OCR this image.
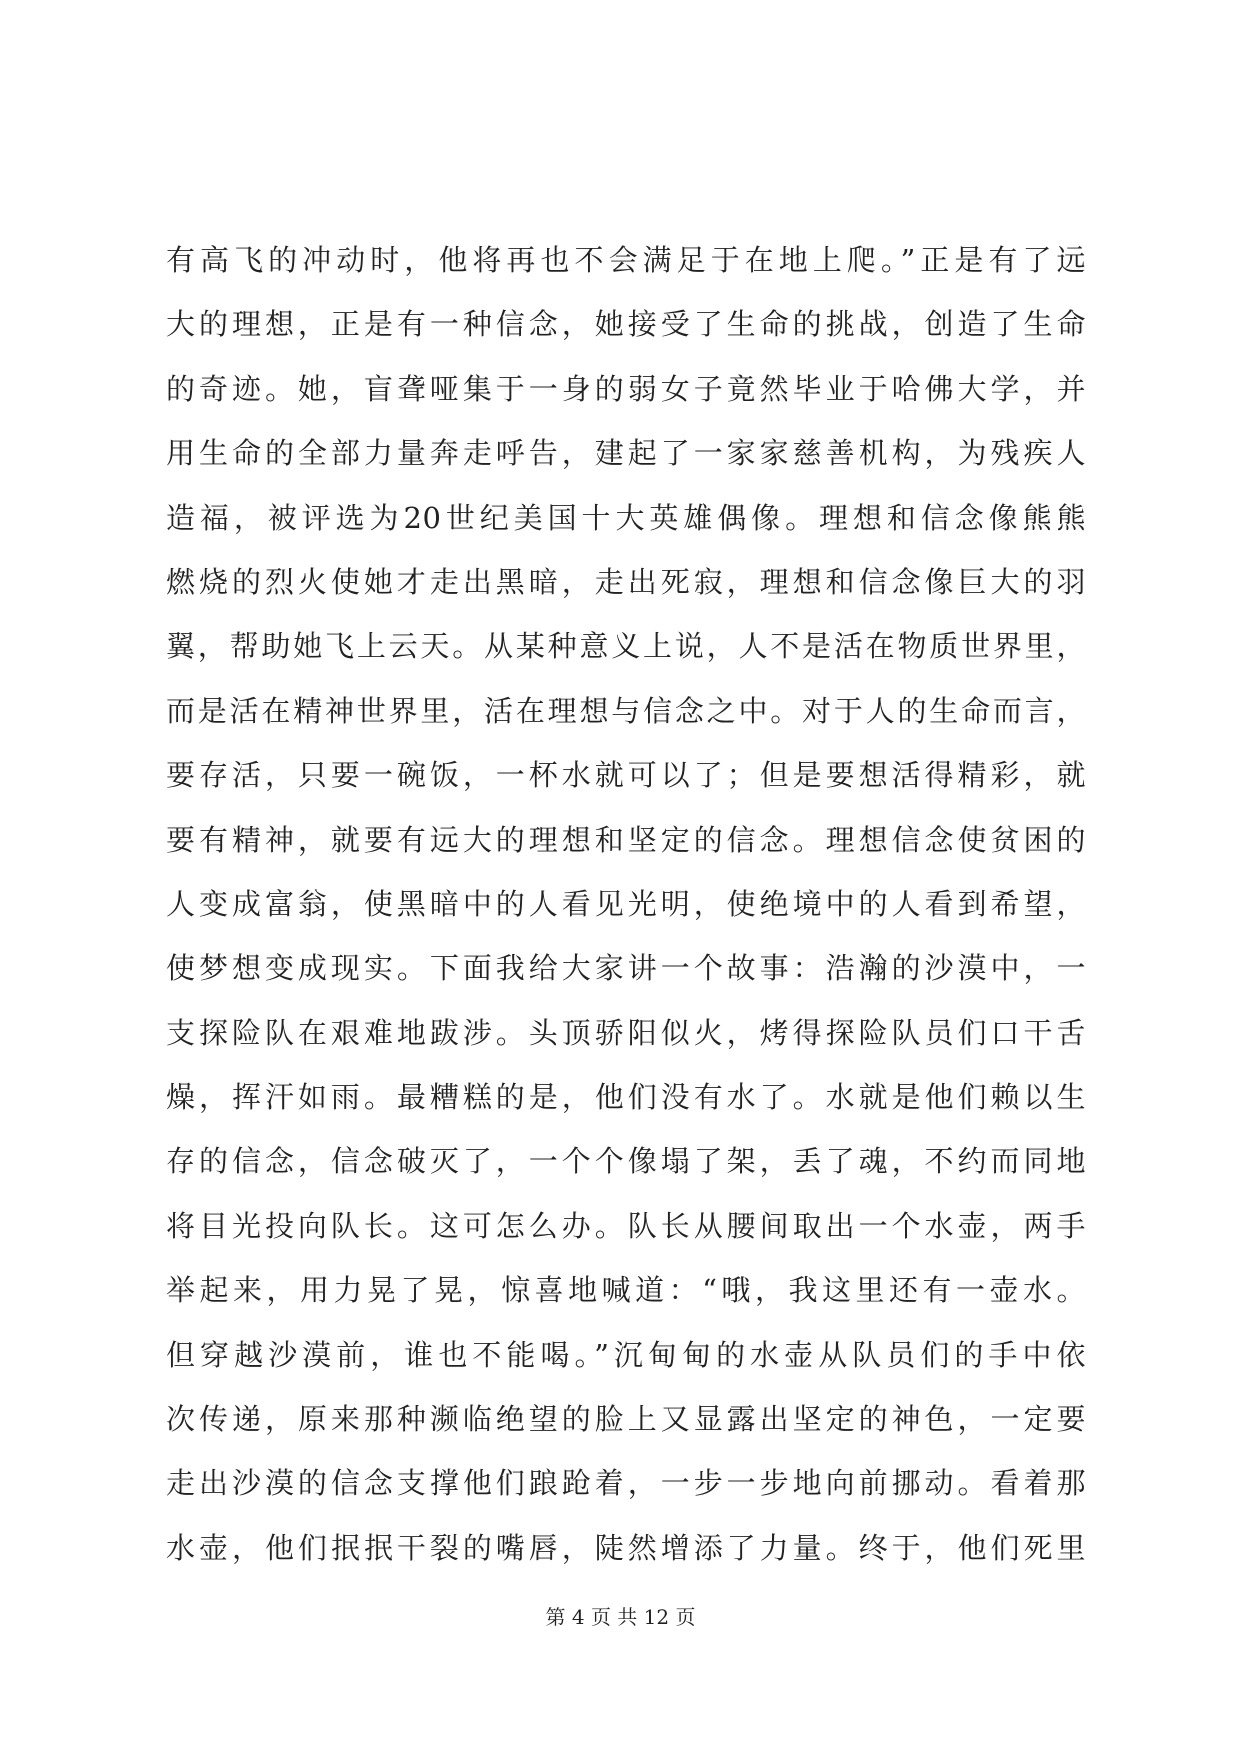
有高飞的冲动时，他将再也不会满足于在地上爬。”正是有了远
大的理想，正是有一种信念，她接受了生命的挑战，创造了生命
的奇迹。她，盲聋哑集于一身的弱女子竟然毕业于哈佛大学，并
用生命的全部力量奔走呼告，建起了一家家慈善机构，为残疾人
造福，被评选为20世纪美国十大英雄偶像。理想和信念像熊熊
燃烧的烈火使她才走出黑暗，走出死寂，理想和信念像巨大的羽
翼，帮助她飞上云天。从某种意义上说，人不是活在物质世界里，
而是活在精神世界里，活在理想与信念之中。对于人的生命而言，
要存活，只要一碗饭，一杯水就可以了；但是要想活得精彩，就
要有精神，就要有远大的理想和坚定的信念。理想信念使贫困的
人变成富翁，使黑暗中的人看见光明，使绝境中的人看到希望，
使梦想变成现实。下面我给大家讲一个故事：浩瀚的沙漠中，一
支探险队在艰难地跋涉。头顶骄阳似火，烤得探险队员们口干舌
燥，挥汗如雨。最糟糕的是，他们没有水了。水就是他们赖以生
存的信念，信念破灭了，一个个像塌了架，丢了魂，不约而同地
将目光投向队长。这可怎么办。队长从腰间取出一个水壶，两手
举起来，用力晃了晃，惊喜地喊道：“哦，我这里还有一壶水。
但穿越沙漠前，谁也不能喝。”沉甸甸的水壶从队员们的手中依
次传递，原来那种濒临绝望的脸上又显露出坚定的神色，一定要
走出沙漠的信念支撑他们踉跄着，一步一步地向前挪动。看着那
水壶，他们抿抿干裂的嘴唇，陡然增添了力量。终于，他们死里
第 4 页 共 12 页
